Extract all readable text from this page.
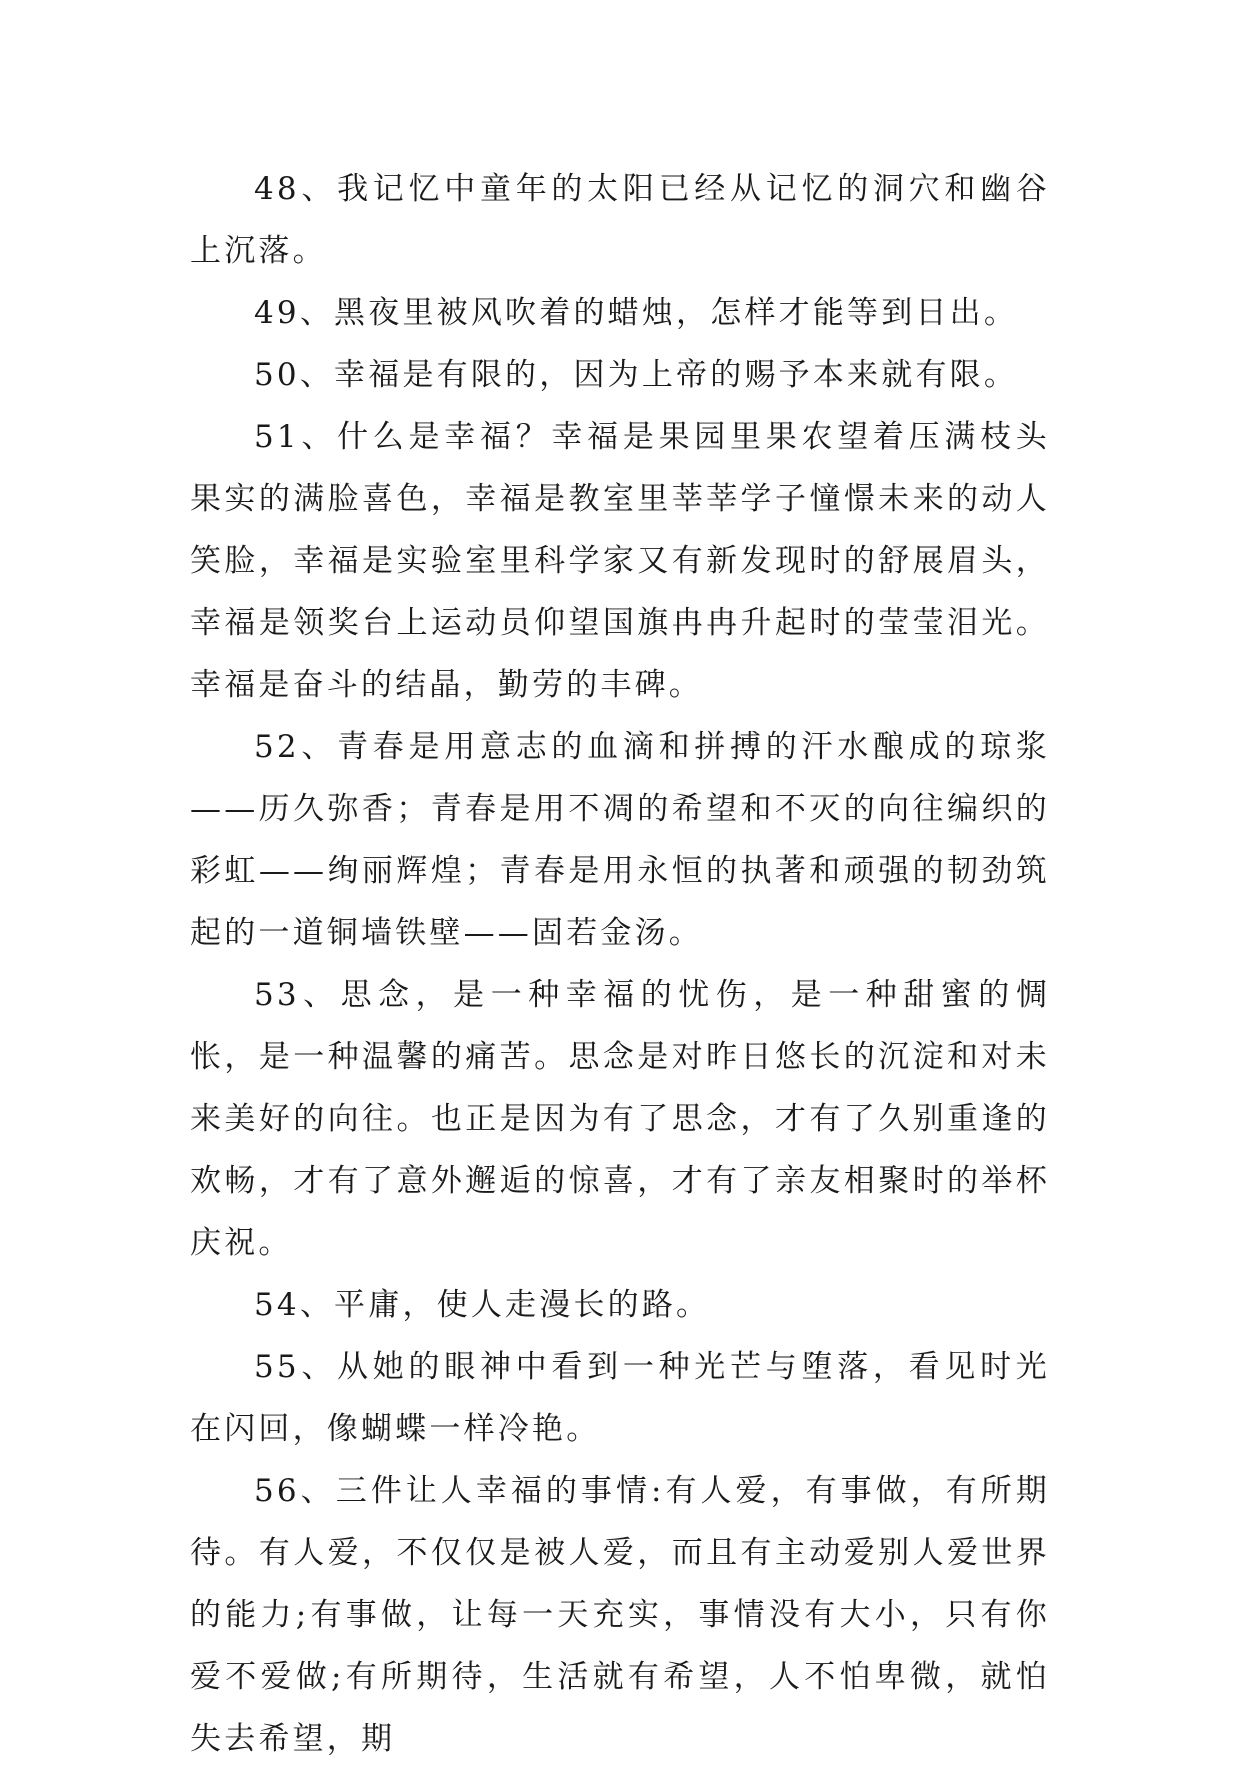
48、我记忆中童年的太阳已经从记忆的洞穴和幽谷上沉落。

49、黑夜里被风吹着的蜡烛，怎样才能等到日出。

50、幸福是有限的，因为上帝的赐予本来就有限。

51、什么是幸福？幸福是果园里果农望着压满枝头果实的满脸喜色，幸福是教室里莘莘学子憧憬未来的动人笑脸，幸福是实验室里科学家又有新发现时的舒展眉头，幸福是领奖台上运动员仰望国旗冉冉升起时的莹莹泪光。幸福是奋斗的结晶，勤劳的丰碑。

52、青春是用意志的血滴和拼搏的汗水酿成的琼浆——历久弥香；青春是用不凋的希望和不灭的向往编织的彩虹——绚丽辉煌；青春是用永恒的执著和顽强的韧劲筑起的一道铜墙铁壁——固若金汤。

53、思念，是一种幸福的忧伤，是一种甜蜜的惆怅，是一种温馨的痛苦。思念是对昨日悠长的沉淀和对未来美好的向往。也正是因为有了思念，才有了久别重逢的欢畅，才有了意外邂逅的惊喜，才有了亲友相聚时的举杯庆祝。

54、平庸，使人走漫长的路。

55、从她的眼神中看到一种光芒与堕落，看见时光在闪回，像蝴蝶一样冷艳。

56、三件让人幸福的事情:有人爱，有事做，有所期待。有人爱，不仅仅是被人爱，而且有主动爱别人爱世界的能力;有事做，让每一天充实，事情没有大小，只有你爱不爱做;有所期待，生活就有希望，人不怕卑微，就怕失去希望，期
